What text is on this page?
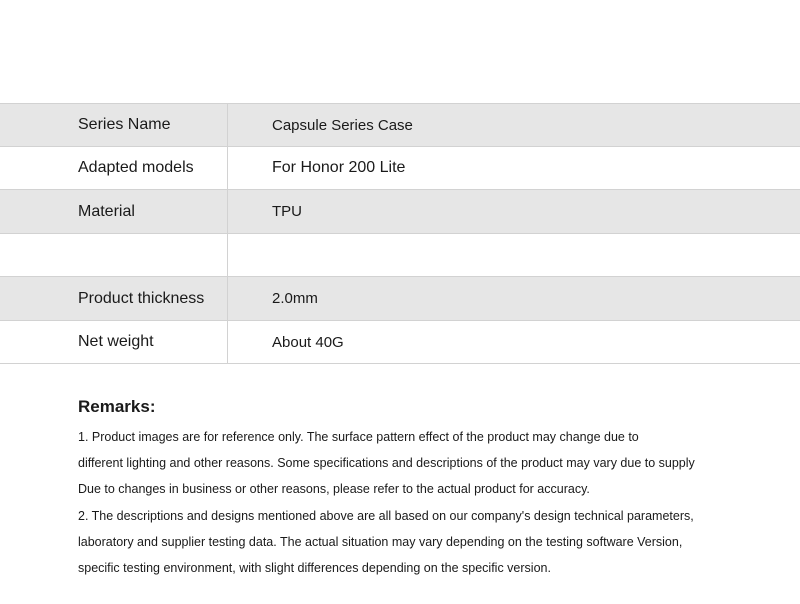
Series Name	Capsule Series Case
Adapted models	For Honor 200 Lite
Material	TPU
Product thickness	2.0mm
Net weight	About 40G
Remarks:

1. Product images are for reference only. The surface pattern effect of the product may change due to

different lighting and other reasons. Some specifications and descriptions of the product may vary due to supply

Due to changes in business or other reasons, please refer to the actual product for accuracy.

2. The descriptions and designs mentioned above are all based on our company's design technical parameters,

laboratory and supplier testing data. The actual situation may vary depending on the testing software Version,

specific testing environment, with slight differences depending on the specific version.
